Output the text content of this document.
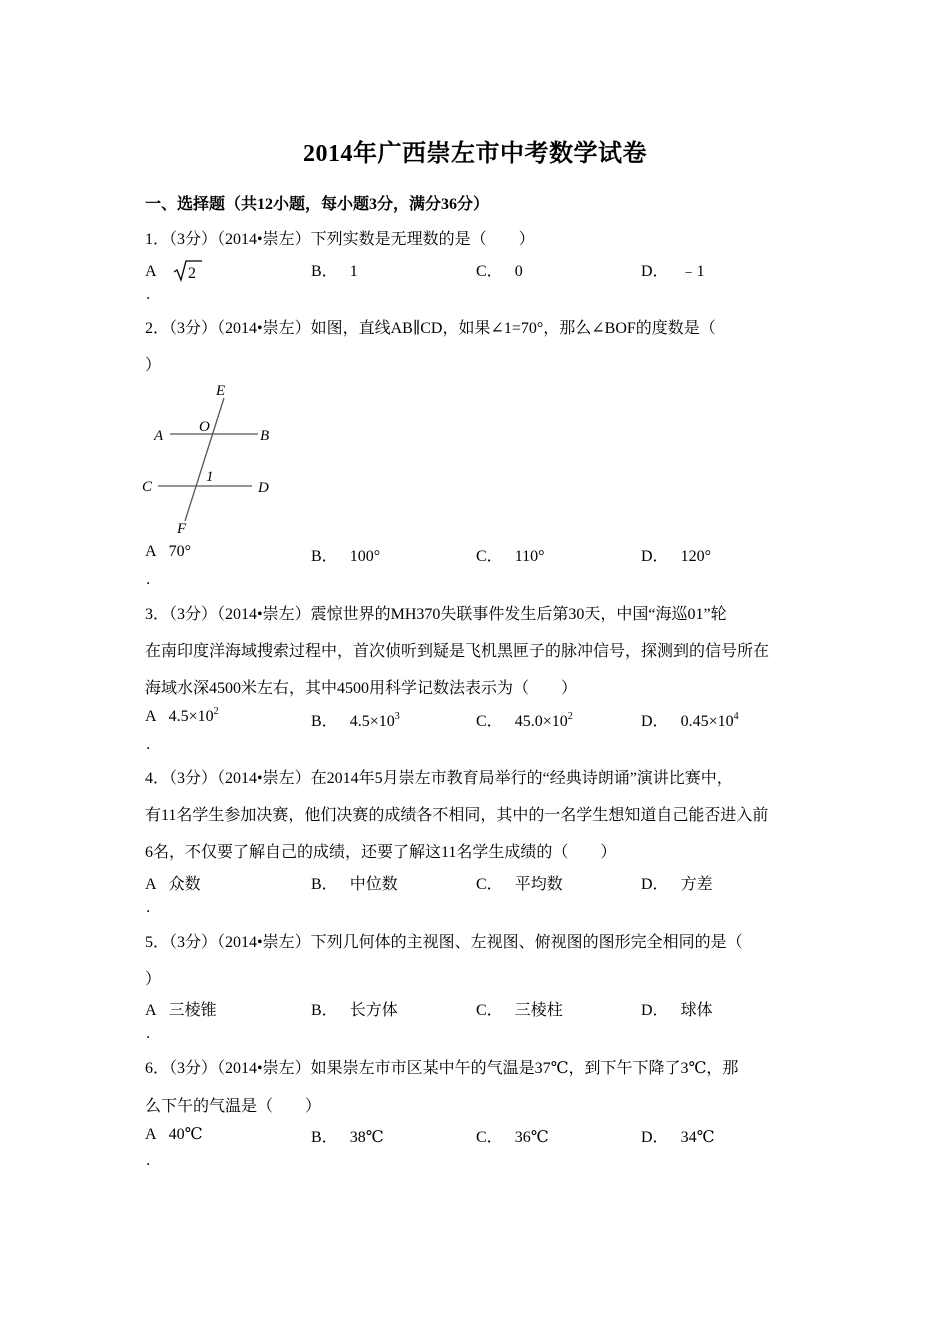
2014年广西崇左市中考数学试卷
一、选择题（共12小题，每小题3分，满分36分）
1．（3分）（2014•崇左）下列实数是无理数的是（　　）
A 2	B． 1	C． 0	D． ﹣1
．
2．（3分）（2014•崇左）如图，直线AB∥CD，如果∠1=70°，那么∠BOF的度数是（
）
E
O
A	B
1
C	D
F
A 70°	B． 100°	C． 110°	D． 120°
．
3．（3分）（2014•崇左）震惊世界的MH370失联事件发生后第30天，中国“海巡01”轮
在南印度洋海域搜索过程中，首次侦听到疑是飞机黑匣子的脉冲信号，探测到的信号所在
海域水深4500米左右，其中4500用科学记数法表示为（　　）
A $4.5\times 10^2$
B． $4.5\times 10^3$	C． $45.0\times 10^2$	D． $0.45\times 10^4$
．
4．（3分）（2014•崇左）在2014年5月崇左市教育局举行的“经典诗朗诵”演讲比赛中，
有11名学生参加决赛，他们决赛的成绩各不相同，其中的一名学生想知道自己能否进入前
6名，不仅要了解自己的成绩，还要了解这11名学生成绩的（　　）
A 众数	B． 中位数	C． 平均数	D． 方差
．
5．（3分）（2014•崇左）下列几何体的主视图、左视图、俯视图的图形完全相同的是（
）
A 三棱锥	B． 长方体	C． 三棱柱	D． 球体
．
6．（3分）（2014•崇左）如果崇左市市区某中午的气温是37℃，到下午下降了3℃，那
么下午的气温是（　　）
A 40℃	B． 38℃	C． 36℃	D． 34℃
．
